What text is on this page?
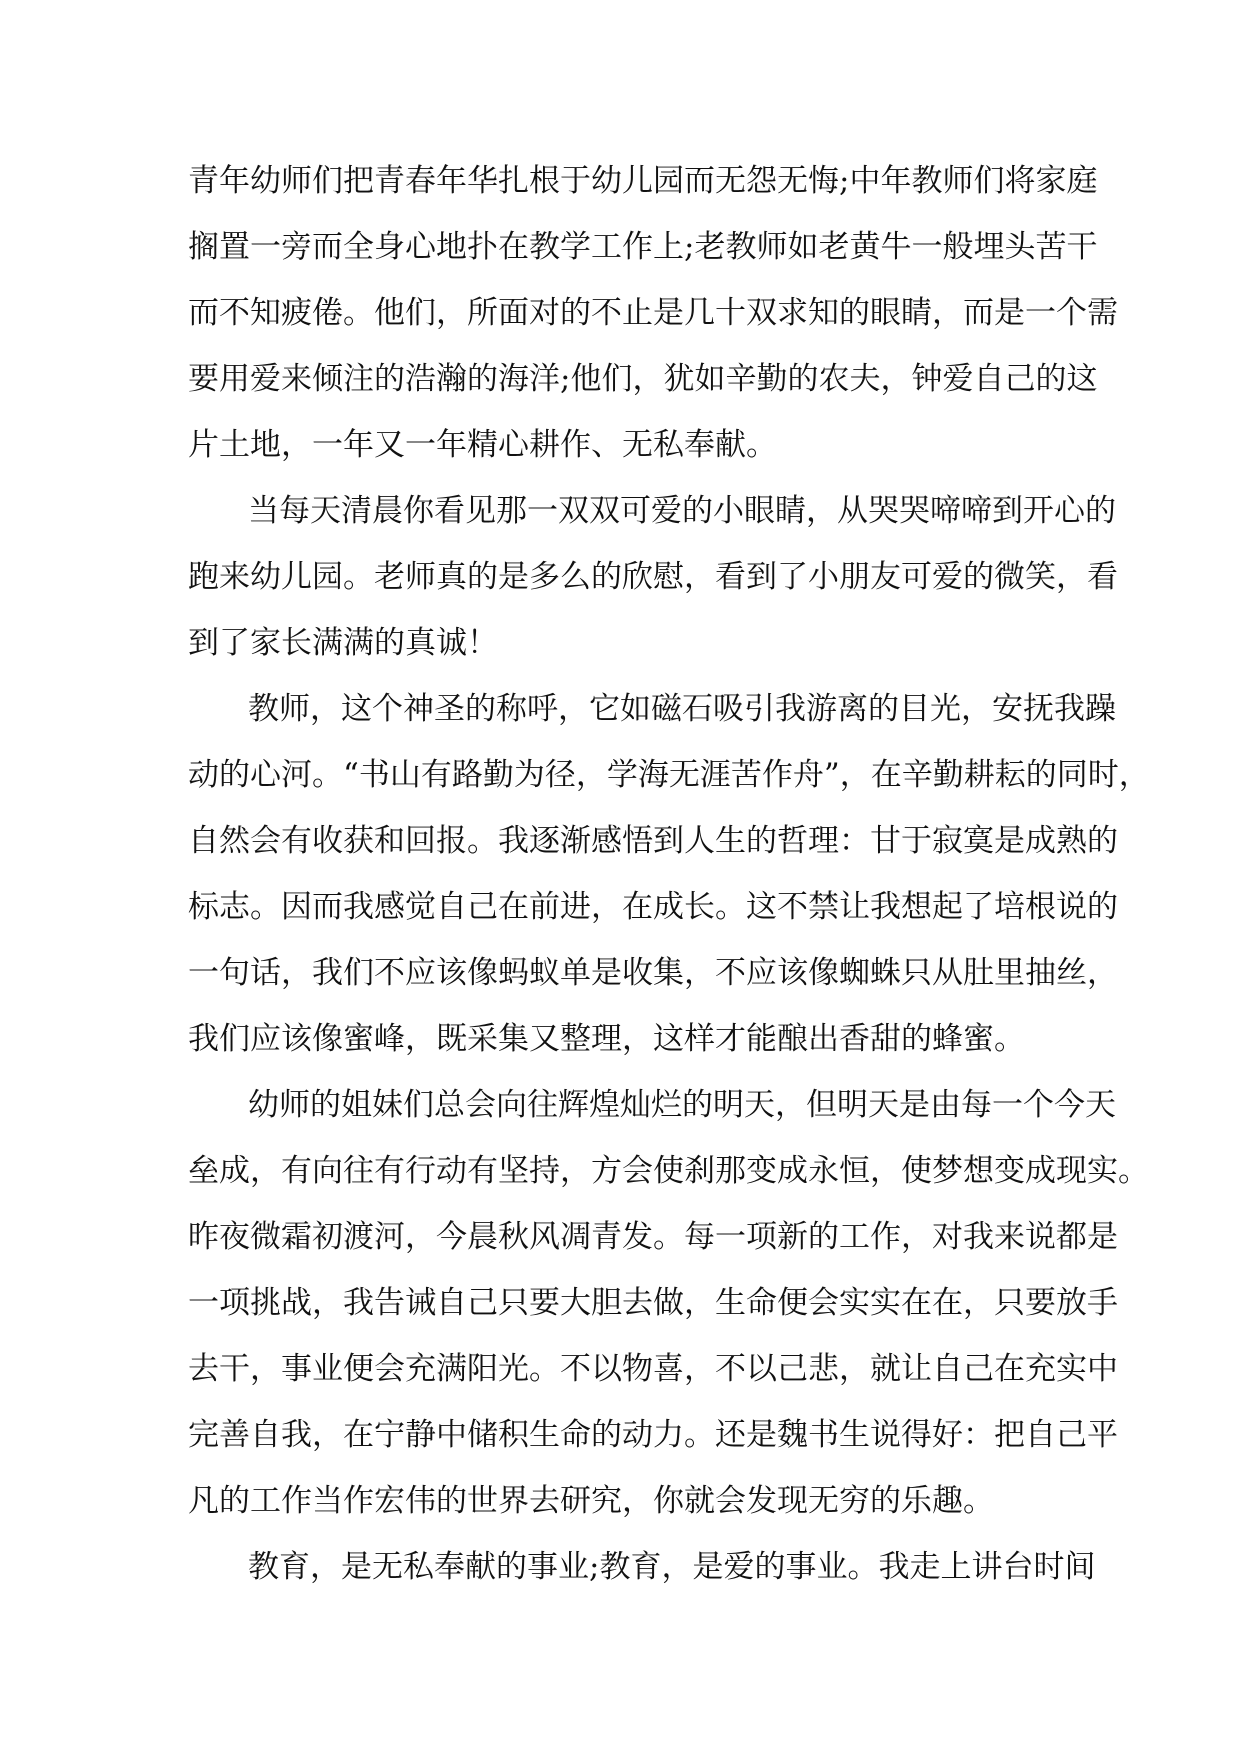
青年幼师们把青春年华扎根于幼儿园而无怨无悔;中年教师们将家庭
搁置一旁而全身心地扑在教学工作上;老教师如老黄牛一般埋头苦干
而不知疲倦。他们，所面对的不止是几十双求知的眼睛，而是一个需
要用爱来倾注的浩瀚的海洋;他们，犹如辛勤的农夫，钟爱自己的这
片土地，一年又一年精心耕作、无私奉献。
当每天清晨你看见那一双双可爱的小眼睛，从哭哭啼啼到开心的
跑来幼儿园。老师真的是多么的欣慰，看到了小朋友可爱的微笑，看
到了家长满满的真诚！
教师，这个神圣的称呼，它如磁石吸引我游离的目光，安抚我躁
动的心河。“书山有路勤为径，学海无涯苦作舟”，在辛勤耕耘的同时，
自然会有收获和回报。我逐渐感悟到人生的哲理：甘于寂寞是成熟的
标志。因而我感觉自己在前进，在成长。这不禁让我想起了培根说的
一句话，我们不应该像蚂蚁单是收集，不应该像蜘蛛只从肚里抽丝，
我们应该像蜜峰，既采集又整理，这样才能酿出香甜的蜂蜜。
幼师的姐妹们总会向往辉煌灿烂的明天，但明天是由每一个今天
垒成，有向往有行动有坚持，方会使刹那变成永恒，使梦想变成现实。
昨夜微霜初渡河，今晨秋风凋青发。每一项新的工作，对我来说都是
一项挑战，我告诫自己只要大胆去做，生命便会实实在在，只要放手
去干，事业便会充满阳光。不以物喜，不以己悲，就让自己在充实中
完善自我，在宁静中储积生命的动力。还是魏书生说得好：把自己平
凡的工作当作宏伟的世界去研究，你就会发现无穷的乐趣。
教育，是无私奉献的事业;教育，是爱的事业。我走上讲台时间
